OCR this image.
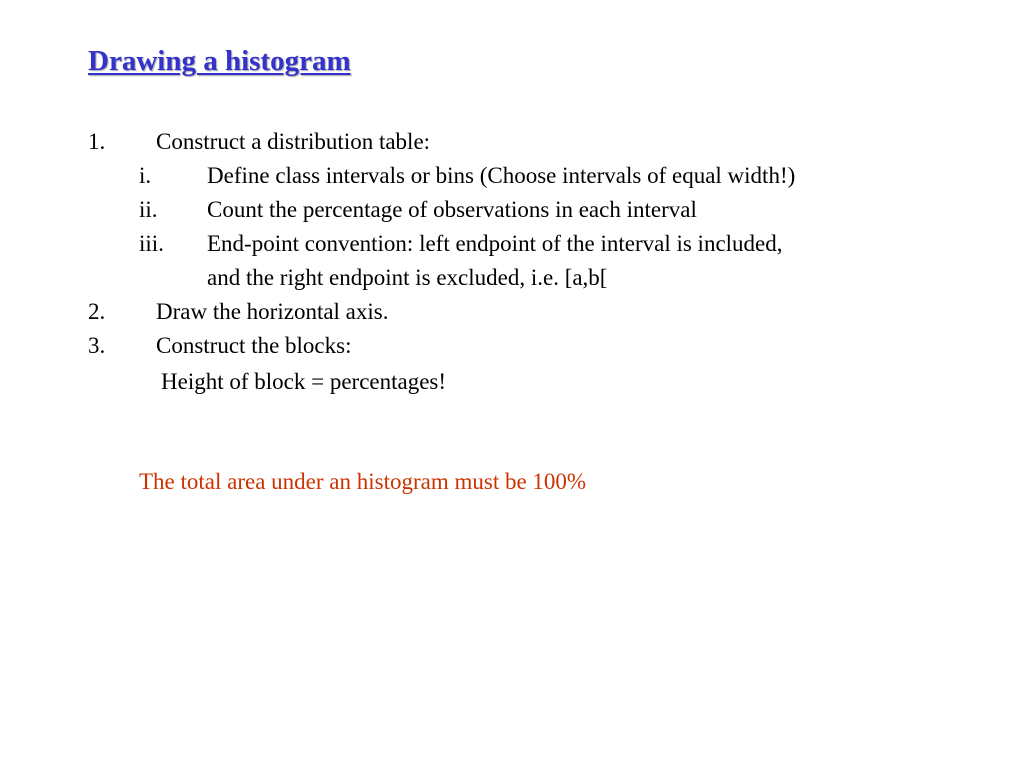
Drawing a histogram
1. Construct a distribution table:
i. Define class intervals or bins (Choose intervals of equal width!)
ii. Count the percentage of observations in each interval
iii. End-point convention: left endpoint of the interval is included,
and the right endpoint is excluded, i.e. [a,b[
2. Draw the horizontal axis.
3. Construct the blocks:
Height of block = percentages!
The total area under an histogram must be 100%
